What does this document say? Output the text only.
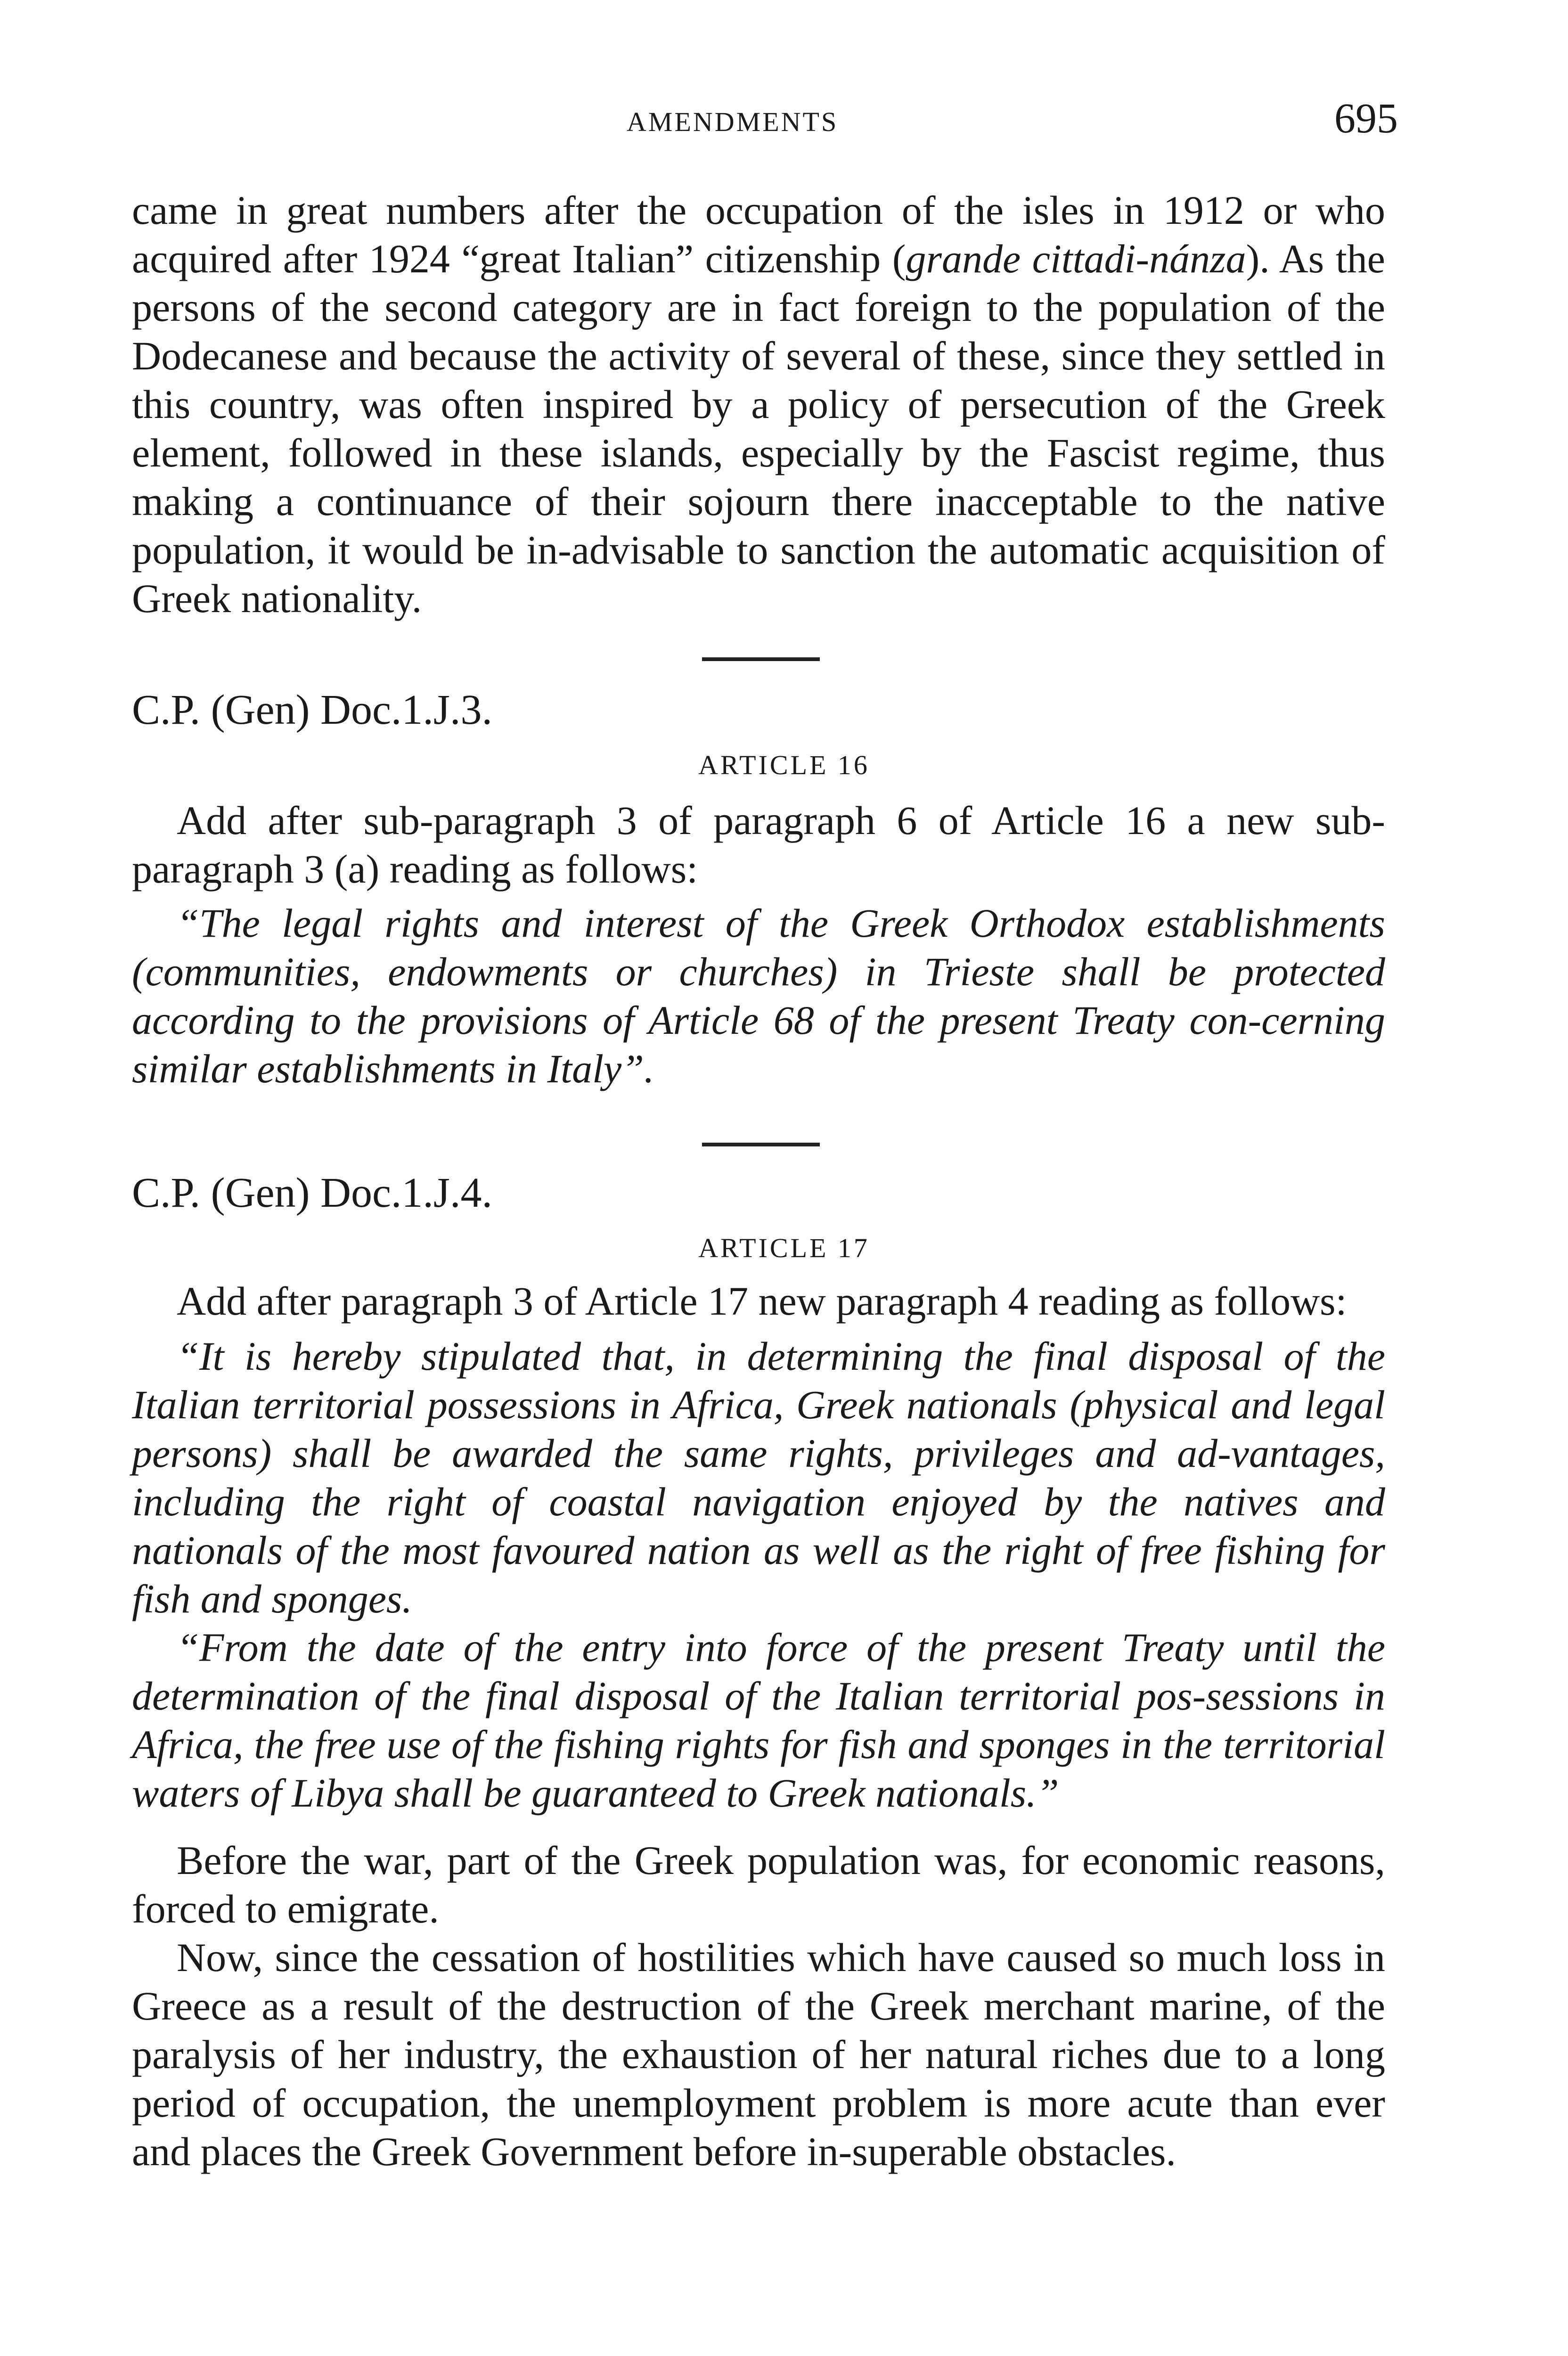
AMENDMENTS	695

came in great numbers after the occupation of the isles in 1912 or who acquired after 1924 “great Italian” citizenship (grande cittadi-nánza). As the persons of the second category are in fact foreign to the population of the Dodecanese and because the activity of several of these, since they settled in this country, was often inspired by a policy of persecution of the Greek element, followed in these islands, especially by the Fascist regime, thus making a continuance of their sojourn there inacceptable to the native population, it would be in-advisable to sanction the automatic acquisition of Greek nationality.

C.P. (Gen) Doc.1.J.3.
ARTICLE 16

Add after sub-paragraph 3 of paragraph 6 of Article 16 a new sub-paragraph 3 (a) reading as follows:

“The legal rights and interest of the Greek Orthodox establishments (communities, endowments or churches) in Trieste shall be protected according to the provisions of Article 68 of the present Treaty con-cerning similar establishments in Italy”.

C.P. (Gen) Doc.1.J.4.
ARTICLE 17

Add after paragraph 3 of Article 17 new paragraph 4 reading as follows:

“It is hereby stipulated that, in determining the final disposal of the Italian territorial possessions in Africa, Greek nationals (physical and legal persons) shall be awarded the same rights, privileges and ad-vantages, including the right of coastal navigation enjoyed by the natives and nationals of the most favoured nation as well as the right of free fishing for fish and sponges.

“From the date of the entry into force of the present Treaty until the determination of the final disposal of the Italian territorial pos-sessions in Africa, the free use of the fishing rights for fish and sponges in the territorial waters of Libya shall be guaranteed to Greek nationals.”

Before the war, part of the Greek population was, for economic reasons, forced to emigrate.

Now, since the cessation of hostilities which have caused so much loss in Greece as a result of the destruction of the Greek merchant marine, of the paralysis of her industry, the exhaustion of her natural riches due to a long period of occupation, the unemployment problem is more acute than ever and places the Greek Government before in-superable obstacles.
